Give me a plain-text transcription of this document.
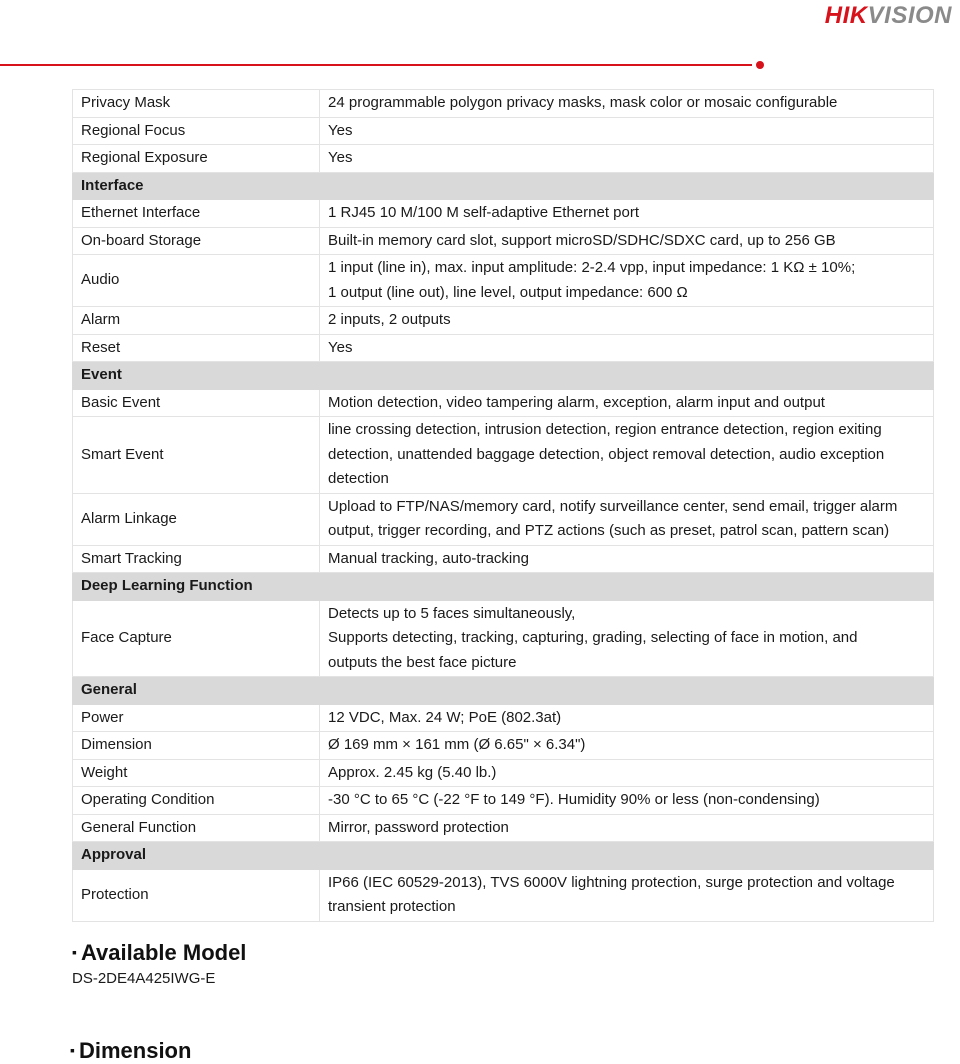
HIKVISION
Privacy Mask	24 programmable polygon privacy masks, mask color or mosaic configurable

Regional Focus	Yes

Regional Exposure	Yes

Interface	
Ethernet Interface	1 RJ45 10 M/100 M self-adaptive Ethernet port

On-board Storage	Built-in memory card slot, support microSD/SDHC/SDXC card, up to 256 GB

Audio	1 input (line in), max. input amplitude: 2-2.4 vpp, input impedance: 1 KΩ ± 10%;
1 output (line out), line level, output impedance: 600 Ω

Alarm	2 inputs, 2 outputs

Reset	Yes

Event	
Basic Event	Motion detection, video tampering alarm, exception, alarm input and output

Smart Event	line crossing detection, intrusion detection, region entrance detection, region exiting
detection, unattended baggage detection, object removal detection, audio exception
detection

Alarm Linkage	Upload to FTP/NAS/memory card, notify surveillance center, send email, trigger alarm
output, trigger recording, and PTZ actions (such as preset, patrol scan, pattern scan)

Smart Tracking	Manual tracking, auto-tracking

Deep Learning Function	
Face Capture	Detects up to 5 faces simultaneously,
Supports detecting, tracking, capturing, grading, selecting of face in motion, and
outputs the best face picture

General	
Power	12 VDC, Max. 24 W; PoE (802.3at)

Dimension	Ø 169 mm × 161 mm (Ø 6.65" × 6.34")

Weight	Approx. 2.45 kg (5.40 lb.)

Operating Condition	-30 °C to 65 °C (-22 °F to 149 °F). Humidity 90% or less (non-condensing)

General Function	Mirror, password protection

Approval	
Protection	IP66 (IEC 60529-2013), TVS 6000V lightning protection, surge protection and voltage
transient protection
▪ Available Model
DS-2DE4A425IWG-E
▪ Dimension
